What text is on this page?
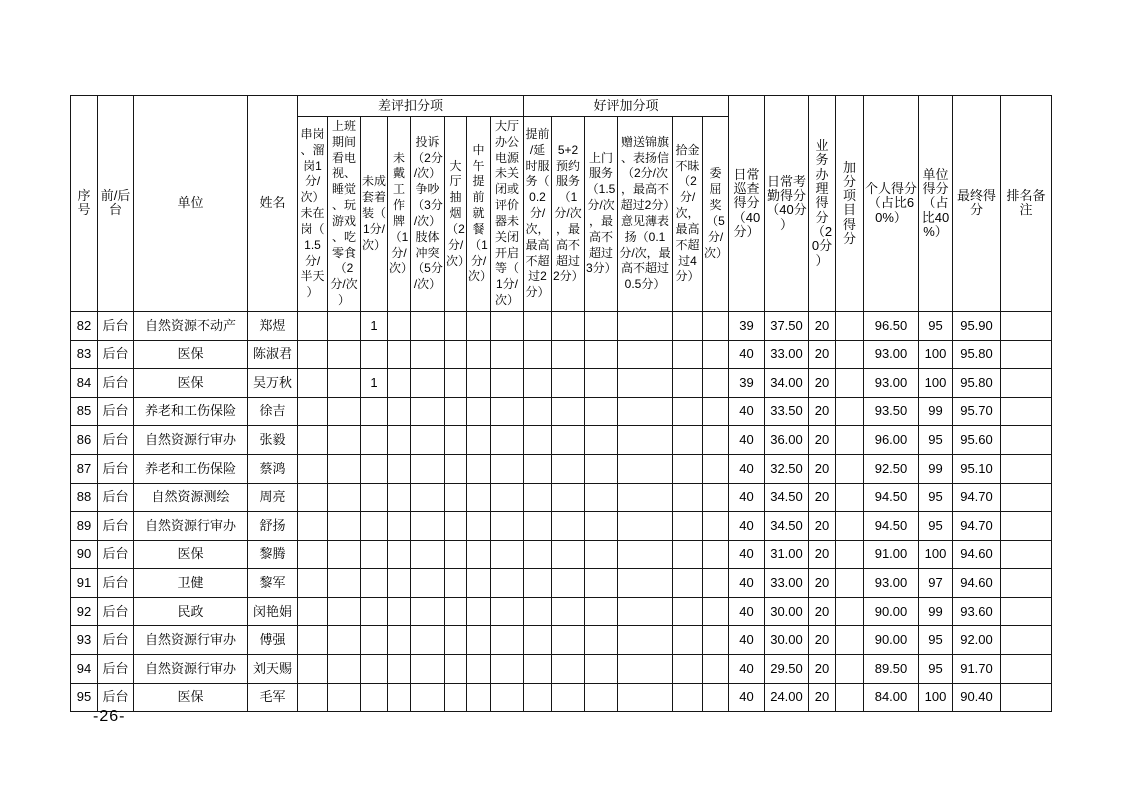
序号	前/后台	单位	姓名	差评扣分项								好评加分项						日常巡查得分（40分）	日常考勤得分（40分）	业务办理得分（20分）	加分项目得分	个人得分（占比60%）	单位得分（占比40%）	最终得分	排名备注
				串岗、溜岗1分/次）未在岗（1.5分/半天）	上班期间看电视、睡觉、玩游戏、吃零食（2分/次）	未成套着装（1分/次）	未戴工作牌（1分/次）	投诉（2分/次）争吵（3分/次）肢体冲突（5分/次）	大厅抽烟（2分/次）	中午提前就餐（1分/次）	大厅办公电源未关闭或评价器未关闭开启等（1分/次）	提前/延时服务（0.2分/次，最高不超过2分）	5+2预约服务（1分/次，最高不超过2分）	上门服务（1.5分/次，最高不超过3分）	赠送锦旗、表扬信（2分/次，最高不超过2分）意见薄表扬（0.1分/次，最高不超过0.5分）	拾金不昧（2分/次，最高不超过4分）	委屈奖（5分/次）								
82	后台	自然资源不动产	郑煜			1												39	37.50	20		96.50	95	95.90	
83	后台	医保	陈淑君															40	33.00	20		93.00	100	95.80	
84	后台	医保	吴万秋			1												39	34.00	20		93.00	100	95.80	
85	后台	养老和工伤保险	徐吉															40	33.50	20		93.50	99	95.70	
86	后台	自然资源行审办	张毅															40	36.00	20		96.00	95	95.60	
87	后台	养老和工伤保险	蔡鸿															40	32.50	20		92.50	99	95.10	
88	后台	自然资源测绘	周亮															40	34.50	20		94.50	95	94.70	
89	后台	自然资源行审办	舒扬															40	34.50	20		94.50	95	94.70	
90	后台	医保	黎腾															40	31.00	20		91.00	100	94.60	
91	后台	卫健	黎军															40	33.00	20		93.00	97	94.60	
92	后台	民政	闵艳娟															40	30.00	20		90.00	99	93.60	
93	后台	自然资源行审办	傅强															40	30.00	20		90.00	95	92.00	
94	后台	自然资源行审办	刘天赐															40	29.50	20		89.50	95	91.70	
95	后台	医保	毛军															40	24.00	20		84.00	100	90.40	
-26-
